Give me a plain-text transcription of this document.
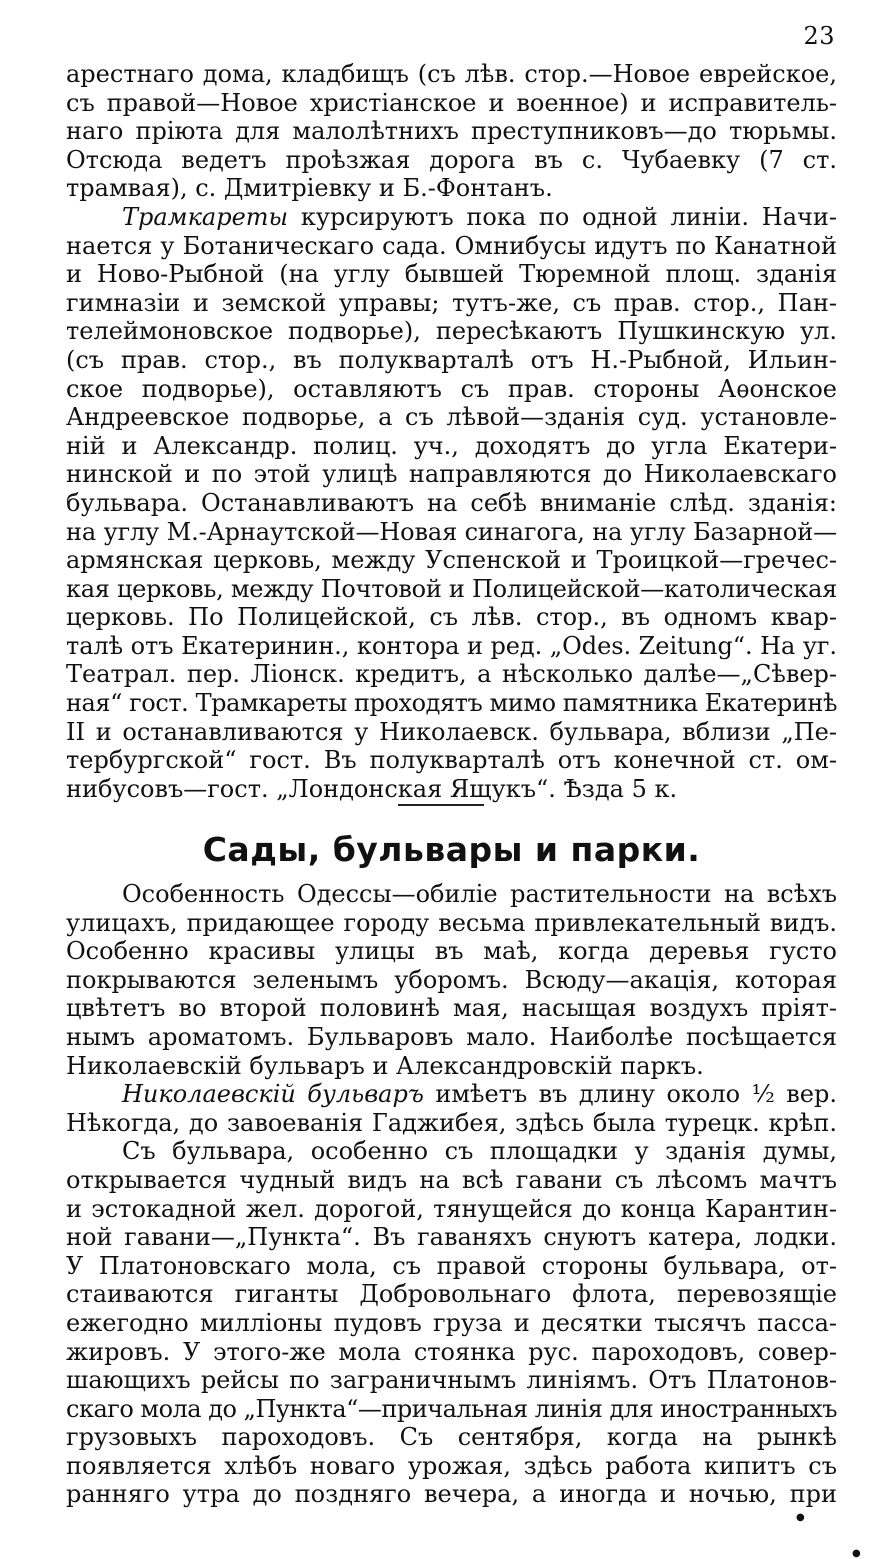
23
арестнаго дома, кладбищъ (съ лѣв. стор.—Новое еврейское,
съ правой—Новое христіанское и военное) и исправитель-
наго пріюта для малолѣтнихъ преступниковъ—до тюрьмы.
Отсюда ведетъ проѣзжая дорога въ с. Чубаевку (7 ст.
трамвая), с. Дмитріевку и Б.-Фонтанъ.
Трамкареты курсируютъ пока по одной линіи. Начи-
нается у Ботаническаго сада. Омнибусы идутъ по Канатной
и Ново-Рыбной (на углу бывшей Тюремной площ. зданія
гимназіи и земской управы; тутъ-же, съ прав. стор., Пан-
телеймоновское подворье), пересѣкаютъ Пушкинскую ул.
(съ прав. стор., въ полукварталѣ отъ Н.-Рыбной, Ильин-
ское подворье), оставляютъ съ прав. стороны Аѳонское
Андреевское подворье, а съ лѣвой—зданія суд. установле-
ній и Александр. полиц. уч., доходятъ до угла Екатери-
нинской и по этой улицѣ направляются до Николаевскаго
бульвара. Останавливаютъ на себѣ вниманіе слѣд. зданія:
на углу М.-Арнаутской—Новая синагога, на углу Базарной—
армянская церковь, между Успенской и Троицкой—гречес-
кая церковь, между Почтовой и Полицейской—католическая
церковь. По Полицейской, съ лѣв. стор., въ одномъ квар-
талѣ отъ Екатеринин., контора и ред. „Odes. Zeitung“. На уг.
Театрал. пер. Ліонск. кредитъ, а нѣсколько далѣе—„Сѣвер-
ная“ гост. Трамкареты проходятъ мимо памятника Екатеринѣ
II и останавливаются у Николаевск. бульвара, вблизи „Пе-
тербургской“ гост. Въ полукварталѣ отъ конечной ст. ом-
нибусовъ—гост. „Лондонская Ящукъ“. Ѣзда 5 к.
Сады, бульвары и парки.
Особенность Одессы—обиліе растительности на всѣхъ
улицахъ, придающее городу весьма привлекательный видъ.
Особенно красивы улицы въ маѣ, когда деревья густо
покрываются зеленымъ уборомъ. Всюду—акація, которая
цвѣтетъ во второй половинѣ мая, насыщая воздухъ пріят-
нымъ ароматомъ. Бульваровъ мало. Наиболѣе посѣщается
Николаевскій бульваръ и Александровскій паркъ.
Николаевскій бульваръ имѣетъ въ длину около ½ вер.
Нѣкогда, до завоеванія Гаджибея, здѣсь была турецк. крѣп.
Съ бульвара, особенно съ площадки у зданія думы,
открывается чудный видъ на всѣ гавани съ лѣсомъ мачтъ
и эстокадной жел. дорогой, тянущейся до конца Карантин-
ной гавани—„Пункта“. Въ гаваняхъ снуютъ катера, лодки.
У Платоновскаго мола, съ правой стороны бульвара, от-
стаиваются гиганты Добровольнаго флота, перевозящіе
ежегодно милліоны пудовъ груза и десятки тысячъ пасса-
жировъ. У этого-же мола стоянка рус. пароходовъ, совер-
шающихъ рейсы по заграничнымъ линіямъ. Отъ Платонов-
скаго мола до „Пункта“—причальная линія для иностранныхъ
грузовыхъ пароходовъ. Съ сентября, когда на рынкѣ
появляется хлѣбъ новаго урожая, здѣсь работа кипитъ съ
ранняго утра до поздняго вечера, а иногда и ночью, при
●
●
